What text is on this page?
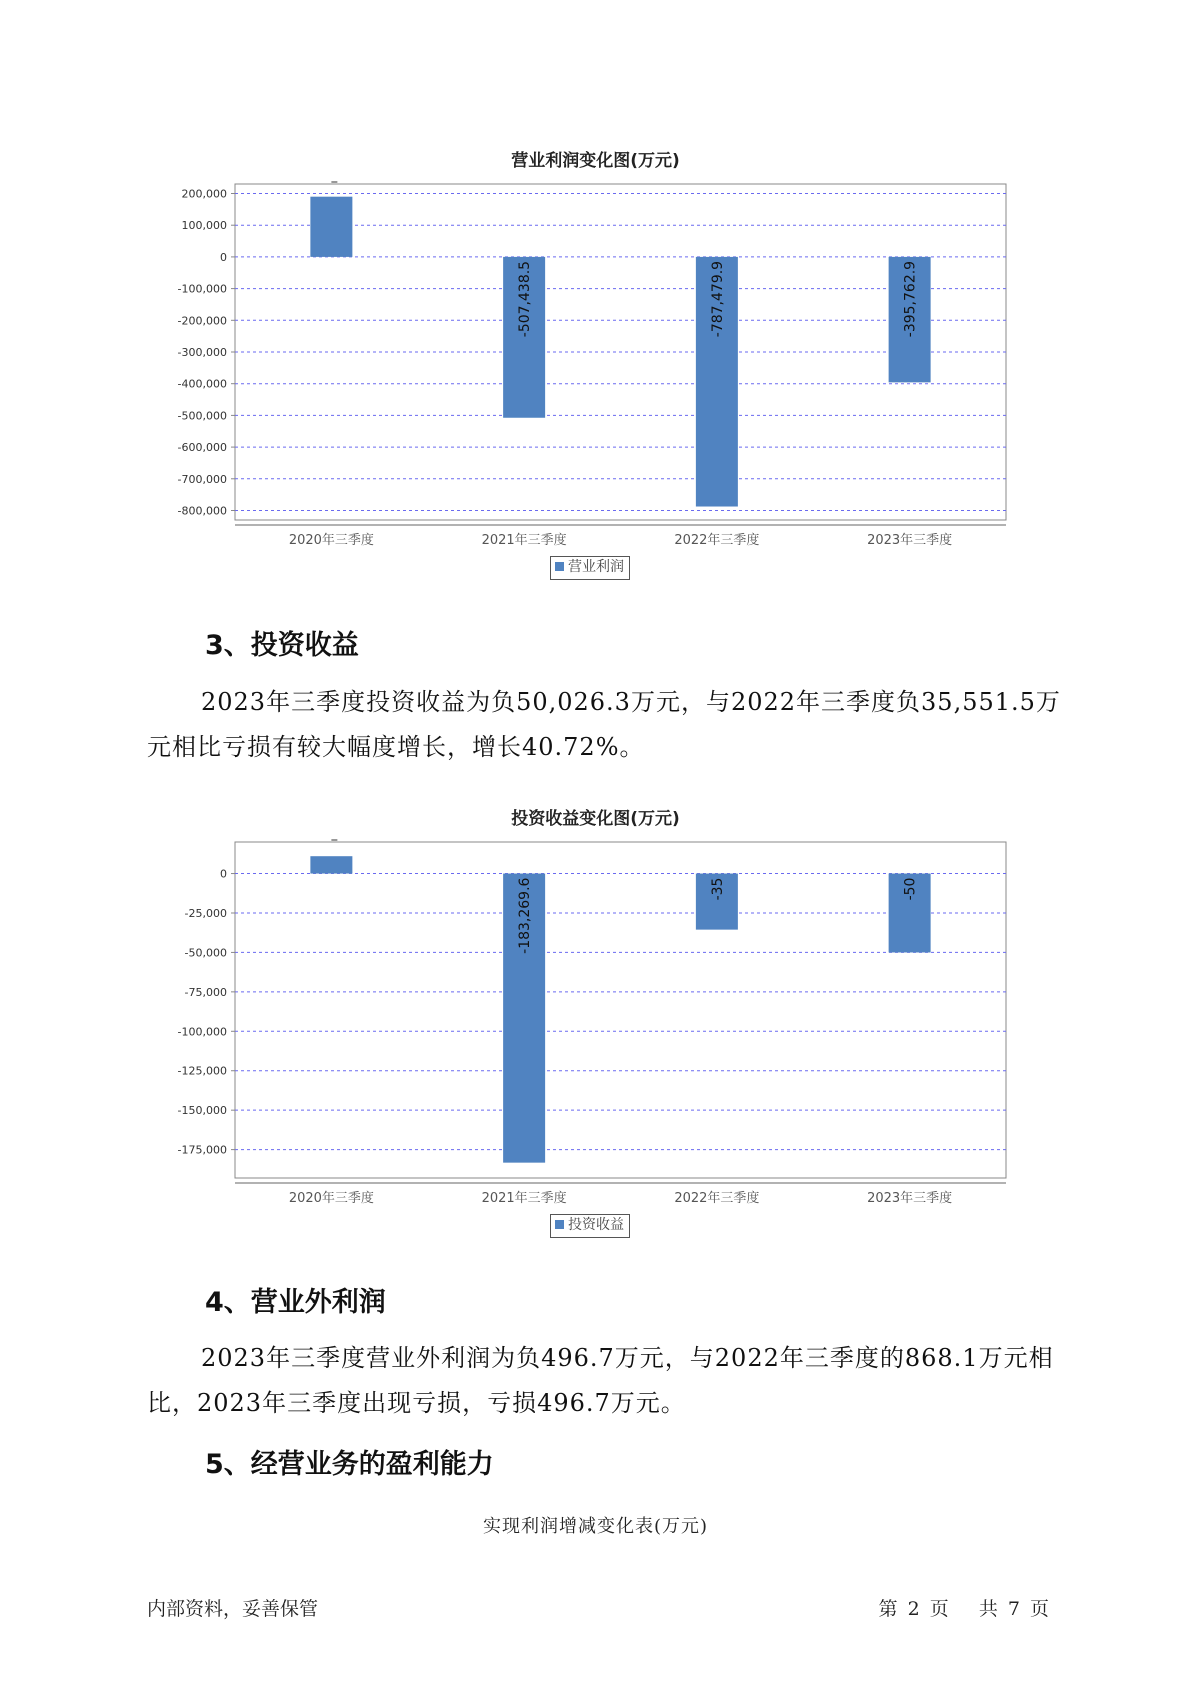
营业利润变化图(万元)
200,000
100,000
0
-100,000
-200,000
-300,000
-400,000
-500,000
-600,000
-700,000
-800,000
2020年三季度
-507,438.5
2021年三季度
-787,479.9
2022年三季度
-395,762.9
2023年三季度
营业利润
3、投资收益

2023年三季度投资收益为负50,026.3万元，与2022年三季度负35,551.5万元相比亏损有较大幅度增长，增长40.72%。

投资收益变化图(万元)
0
-25,000
-50,000
-75,000
-100,000
-125,000
-150,000
-175,000
2020年三季度
-183,269.6
2021年三季度
-35
2022年三季度
-50
2023年三季度
投资收益
4、营业外利润

2023年三季度营业外利润为负496.7万元，与2022年三季度的868.1万元相比，2023年三季度出现亏损，亏损496.7万元。

5、经营业务的盈利能力
实现利润增减变化表(万元)
内部资料，妥善保管	第 2 页 共 7 页
